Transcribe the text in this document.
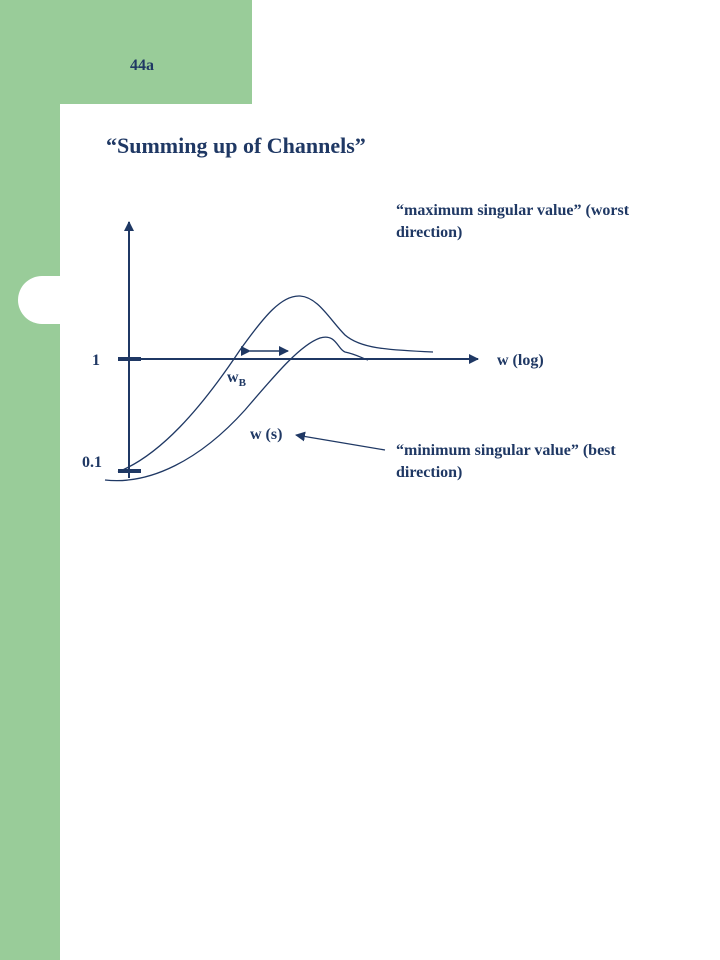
44a
“Summing up of Channels”
1
0.1
w (log)
$w_B$
w (s)
“maximum singular value” (worst direction)
“minimum singular value” (best direction)
